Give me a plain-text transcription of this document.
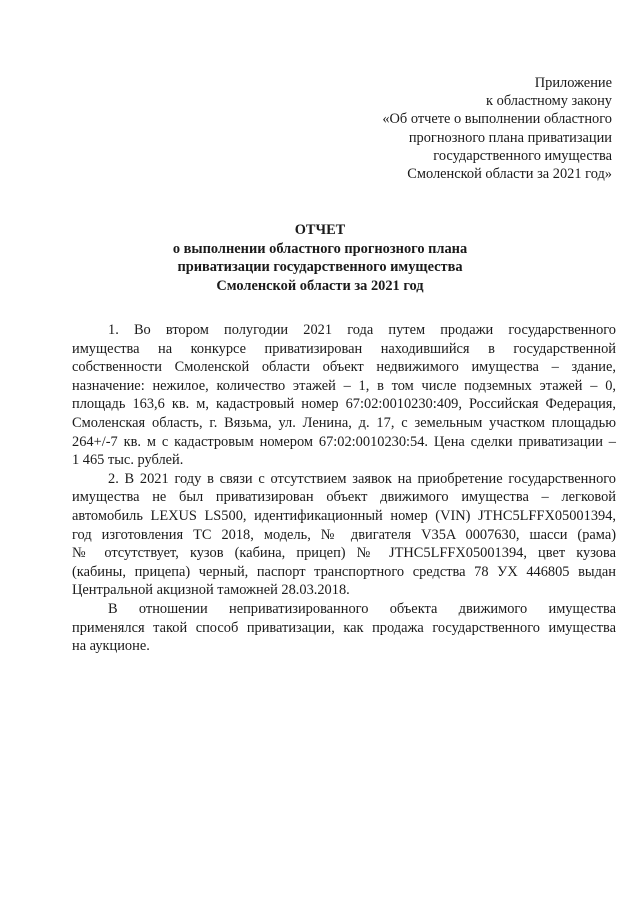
Приложение
к областному закону
«Об отчете о выполнении областного
прогнозного плана приватизации
государственного имущества
Смоленской области за 2021 год»
ОТЧЕТ
о выполнении областного прогнозного плана
приватизации государственного имущества
Смоленской области за 2021 год
1. Во втором полугодии 2021 года путем продажи государственного
имущества на конкурсе приватизирован находившийся в государственной
собственности Смоленской области объект недвижимого имущества – здание,
назначение: нежилое, количество этажей – 1, в том числе подземных этажей – 0,
площадь 163,6 кв. м, кадастровый номер 67:02:0010230:409, Российская Федерация,
Смоленская область, г. Вязьма, ул. Ленина, д. 17, с земельным участком площадью
264+/-7 кв. м с кадастровым номером 67:02:0010230:54. Цена сделки приватизации –
1 465 тыс. рублей.
2. В 2021 году в связи с отсутствием заявок на приобретение государственного
имущества не был приватизирован объект движимого имущества – легковой
автомобиль LEXUS LS500, идентификационный номер (VIN) JTHC5LFFX05001394,
год изготовления ТС 2018, модель, № двигателя V35A 0007630, шасси (рама)
№ отсутствует, кузов (кабина, прицеп) № JTHC5LFFX05001394, цвет кузова
(кабины, прицепа) черный, паспорт транспортного средства 78 УХ 446805 выдан
Центральной акцизной таможней 28.03.2018.
В отношении неприватизированного объекта движимого имущества
применялся такой способ приватизации, как продажа государственного имущества
на аукционе.
